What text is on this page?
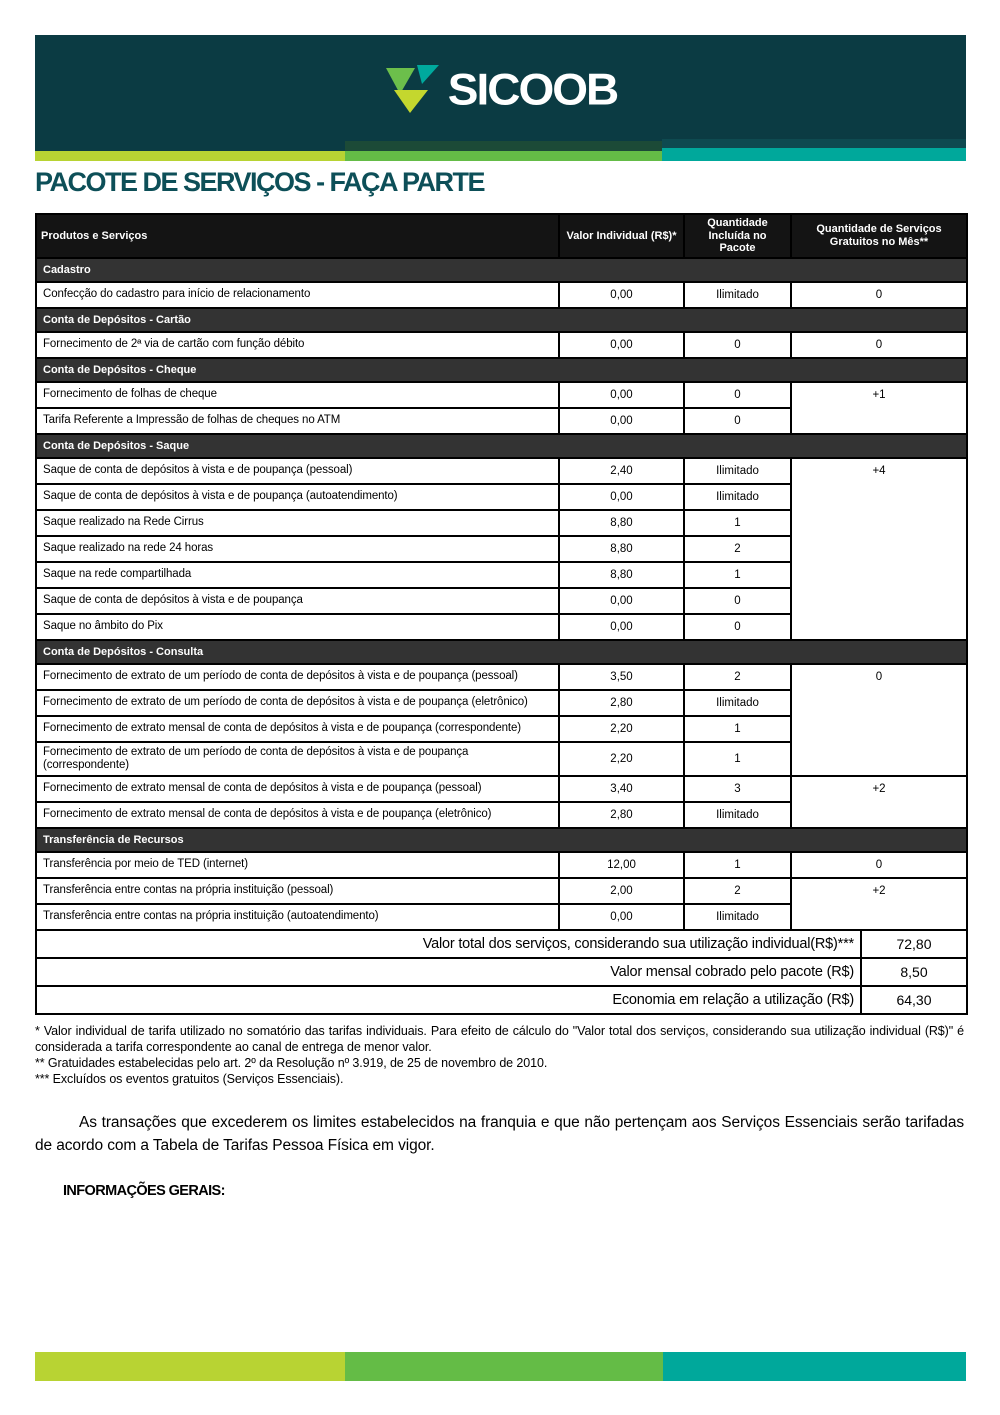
SICOOB
PACOTE DE SERVIÇOS - FAÇA PARTE
Produtos e Serviços	Valor Individual (R$)*	Quantidade Incluída no Pacote	Quantidade de Serviços Gratuitos no Mês**
Cadastro			
Confecção do cadastro para início de relacionamento	0,00	Ilimitado	0
Conta de Depósitos - Cartão			
Fornecimento de 2ª via de cartão com função débito	0,00	0	0
Conta de Depósitos - Cheque			
Fornecimento de folhas de cheque	0,00	0	+1
Tarifa Referente a Impressão de folhas de cheques no ATM	0,00	0	
Conta de Depósitos - Saque			
Saque de conta de depósitos à vista e de poupança (pessoal)	2,40	Ilimitado	+4
Saque de conta de depósitos à vista e de poupança (autoatendimento)	0,00	Ilimitado	
Saque realizado na Rede Cirrus	8,80	1	
Saque realizado na rede 24 horas	8,80	2	
Saque na rede compartilhada	8,80	1	
Saque de conta de depósitos à vista e de poupança	0,00	0	
Saque no âmbito do Pix	0,00	0	
Conta de Depósitos - Consulta			
Fornecimento de extrato de um período de conta de depósitos à vista e de poupança (pessoal)	3,50	2	0
Fornecimento de extrato de um período de conta de depósitos à vista e de poupança (eletrônico)	2,80	Ilimitado	
Fornecimento de extrato mensal de conta de depósitos à vista e de poupança (correspondente)	2,20	1	
Fornecimento de extrato de um período de conta de depósitos à vista e de poupança (correspondente)	2,20	1	
Fornecimento de extrato mensal de conta de depósitos à vista e de poupança (pessoal)	3,40	3	+2
Fornecimento de extrato mensal de conta de depósitos à vista e de poupança (eletrônico)	2,80	Ilimitado	
Transferência de Recursos			
Transferência por meio de TED (internet)	12,00	1	0
Transferência entre contas na própria instituição (pessoal)	2,00	2	+2
Transferência entre contas na própria instituição (autoatendimento)	0,00	Ilimitado	
Valor total dos serviços, considerando sua utilização individual(R$)***	72,80
Valor mensal cobrado pelo pacote (R$)	8,50
Economia em relação a utilização (R$)	64,30

* Valor individual de tarifa utilizado no somatório das tarifas individuais. Para efeito de cálculo do "Valor total dos serviços, considerando sua utilização individual (R$)" é considerada a tarifa correspondente ao canal de entrega de menor valor.

** Gratuidades estabelecidas pelo art. 2º da Resolução nº 3.919, de 25 de novembro de 2010.

*** Excluídos os eventos gratuitos (Serviços Essenciais).

As transações que excederem os limites estabelecidos na franquia e que não pertençam aos Serviços Essenciais serão tarifadas de acordo com a Tabela de Tarifas Pessoa Física em vigor.

INFORMAÇÕES GERAIS:
